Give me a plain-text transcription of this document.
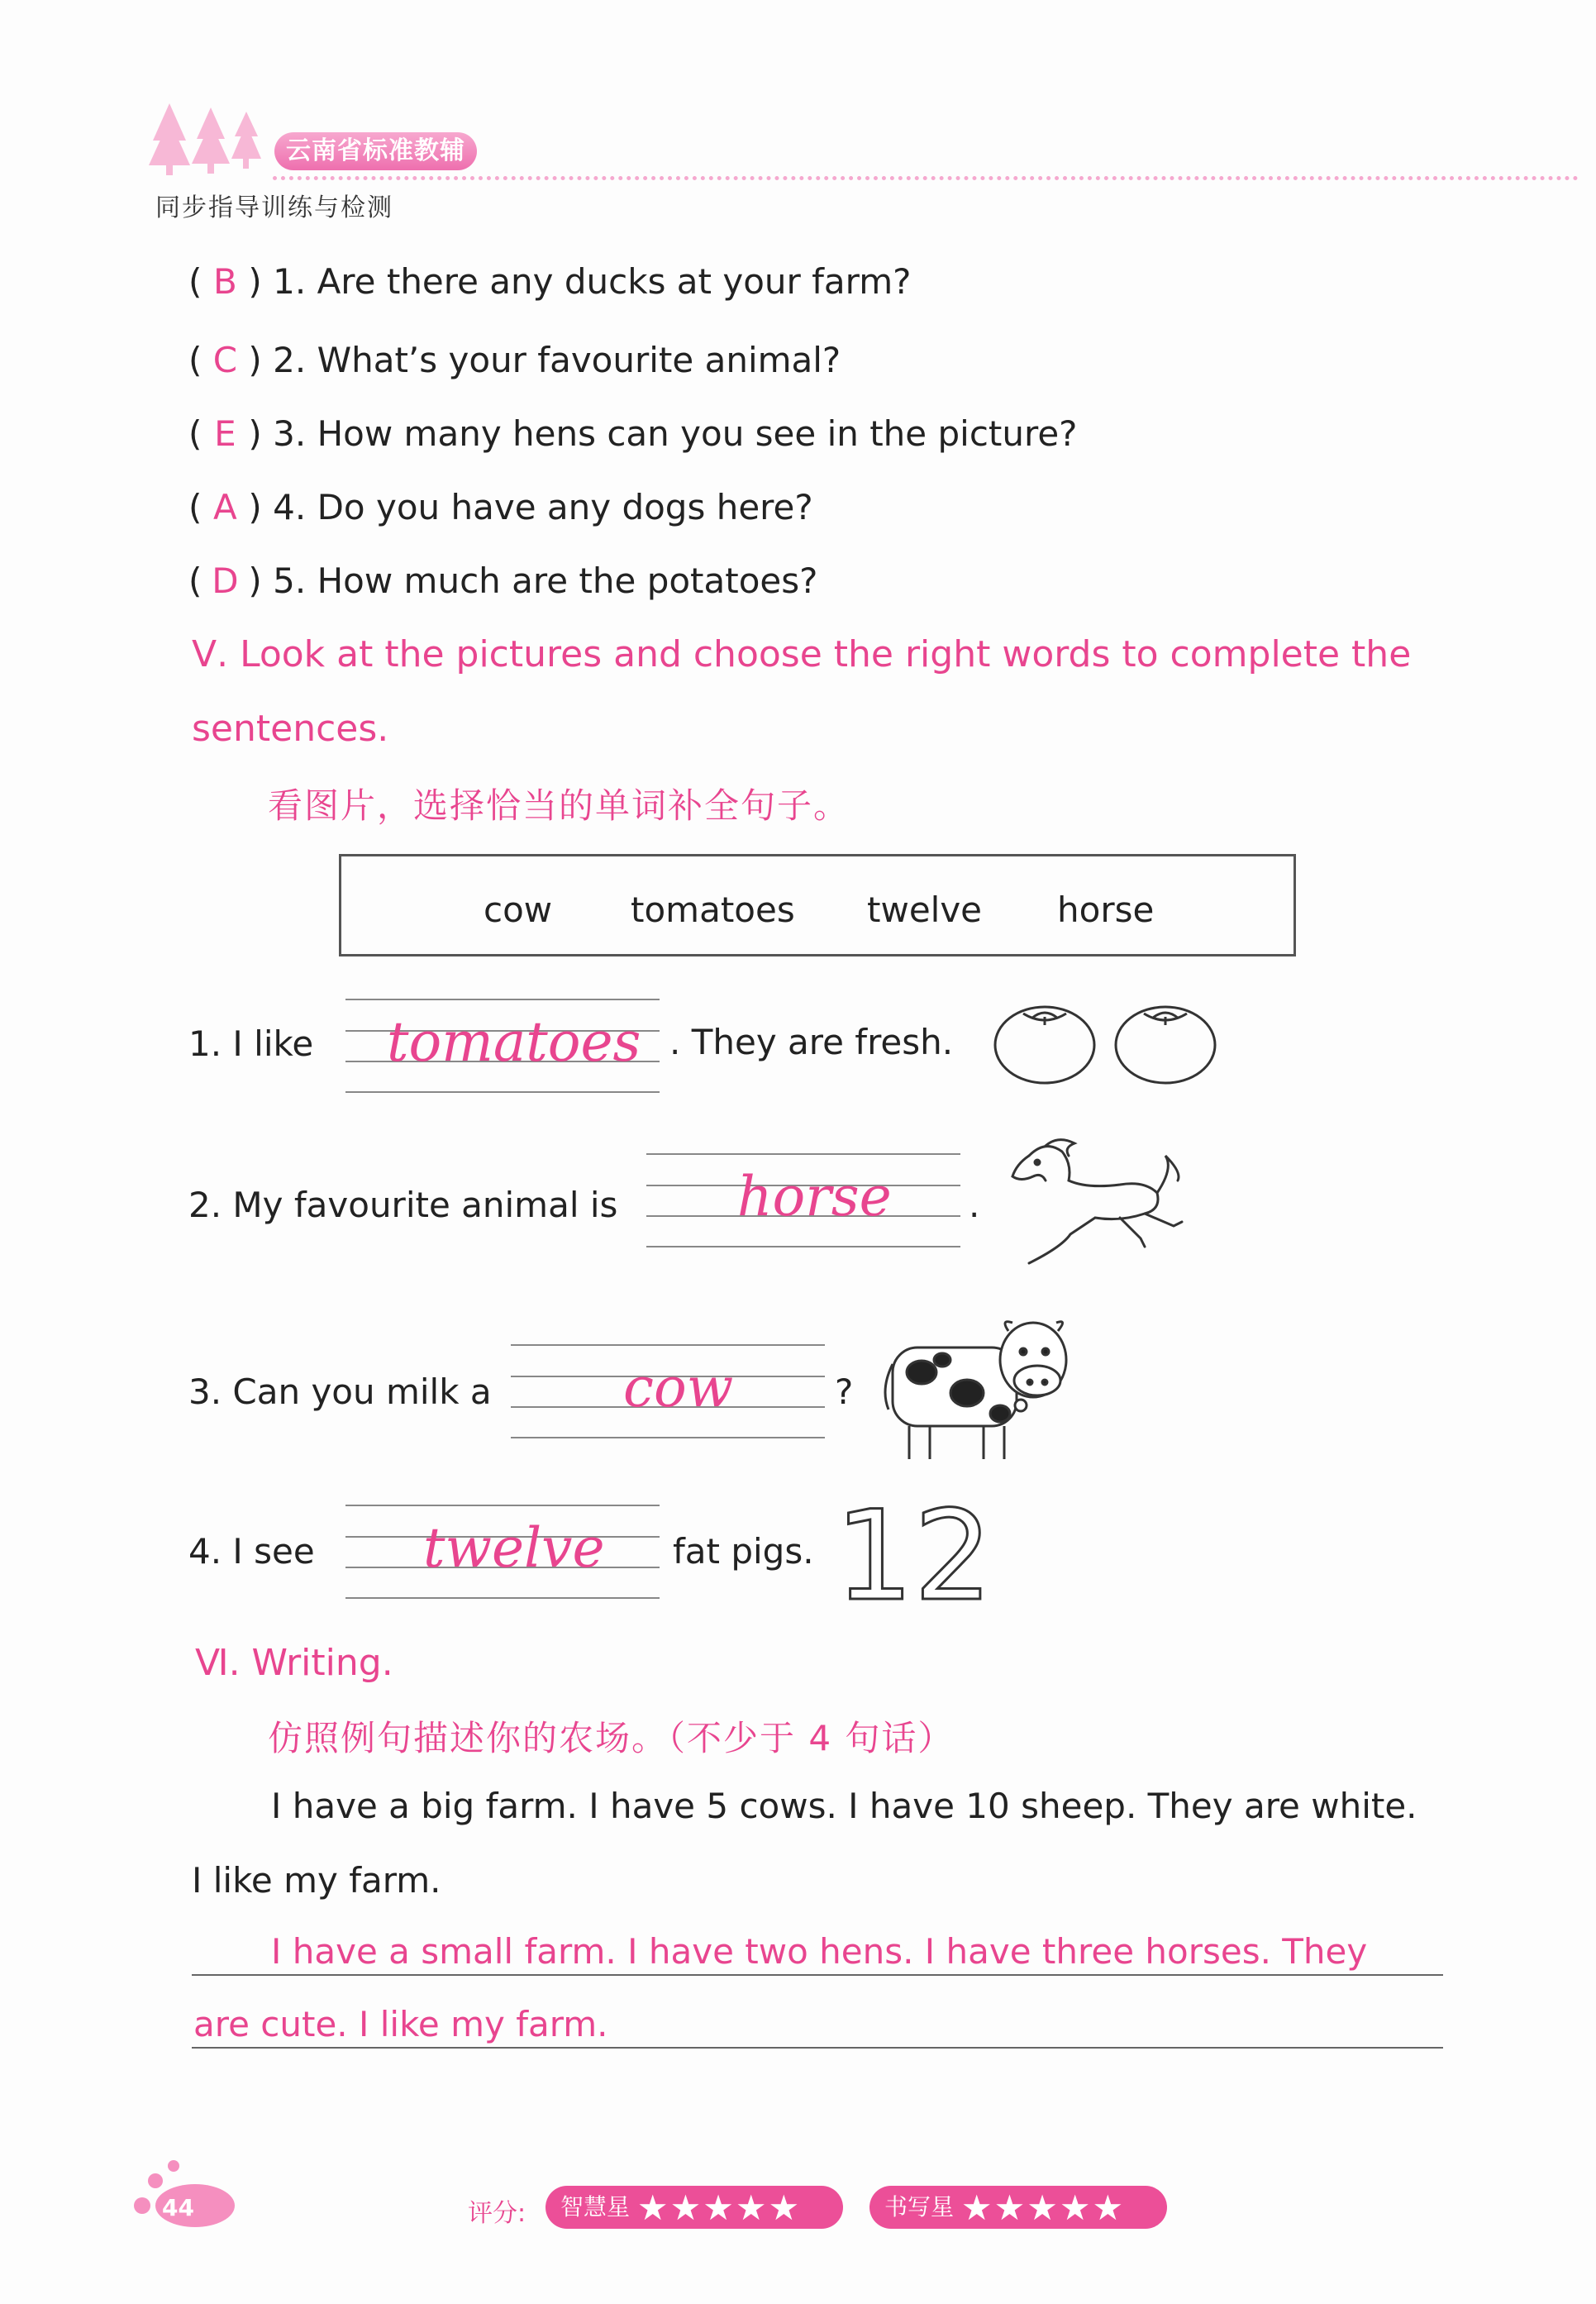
云南省标准教辅
同步指导训练与检测
( B ) 1. Are there any ducks at your farm?
( C ) 2. What’s your favourite animal?
( E ) 3. How many hens can you see in the picture?
( A ) 4. Do you have any dogs here?
( D ) 5. How much are the potatoes?
Ⅴ. Look at the pictures and choose the right words to complete the
sentences.
看图片，选择恰当的单词补全句子。
cow tomatoes twelve horse
1. I like tomatoes . They are fresh.
2. My favourite animal is horse .
3. Can you milk a cow	?
4. I see twelve fat pigs. 12
Ⅵ. Writing.
仿照例句描述你的农场。（不少于 4 句话）
I have a big farm. I have 5 cows. I have 10 sheep. They are white.
I like my farm.
I have a small farm. I have two hens. I have three horses. They
are cute. I like my farm.
44	评分:	智慧星 ★★★★★	书写星 ★★★★★
